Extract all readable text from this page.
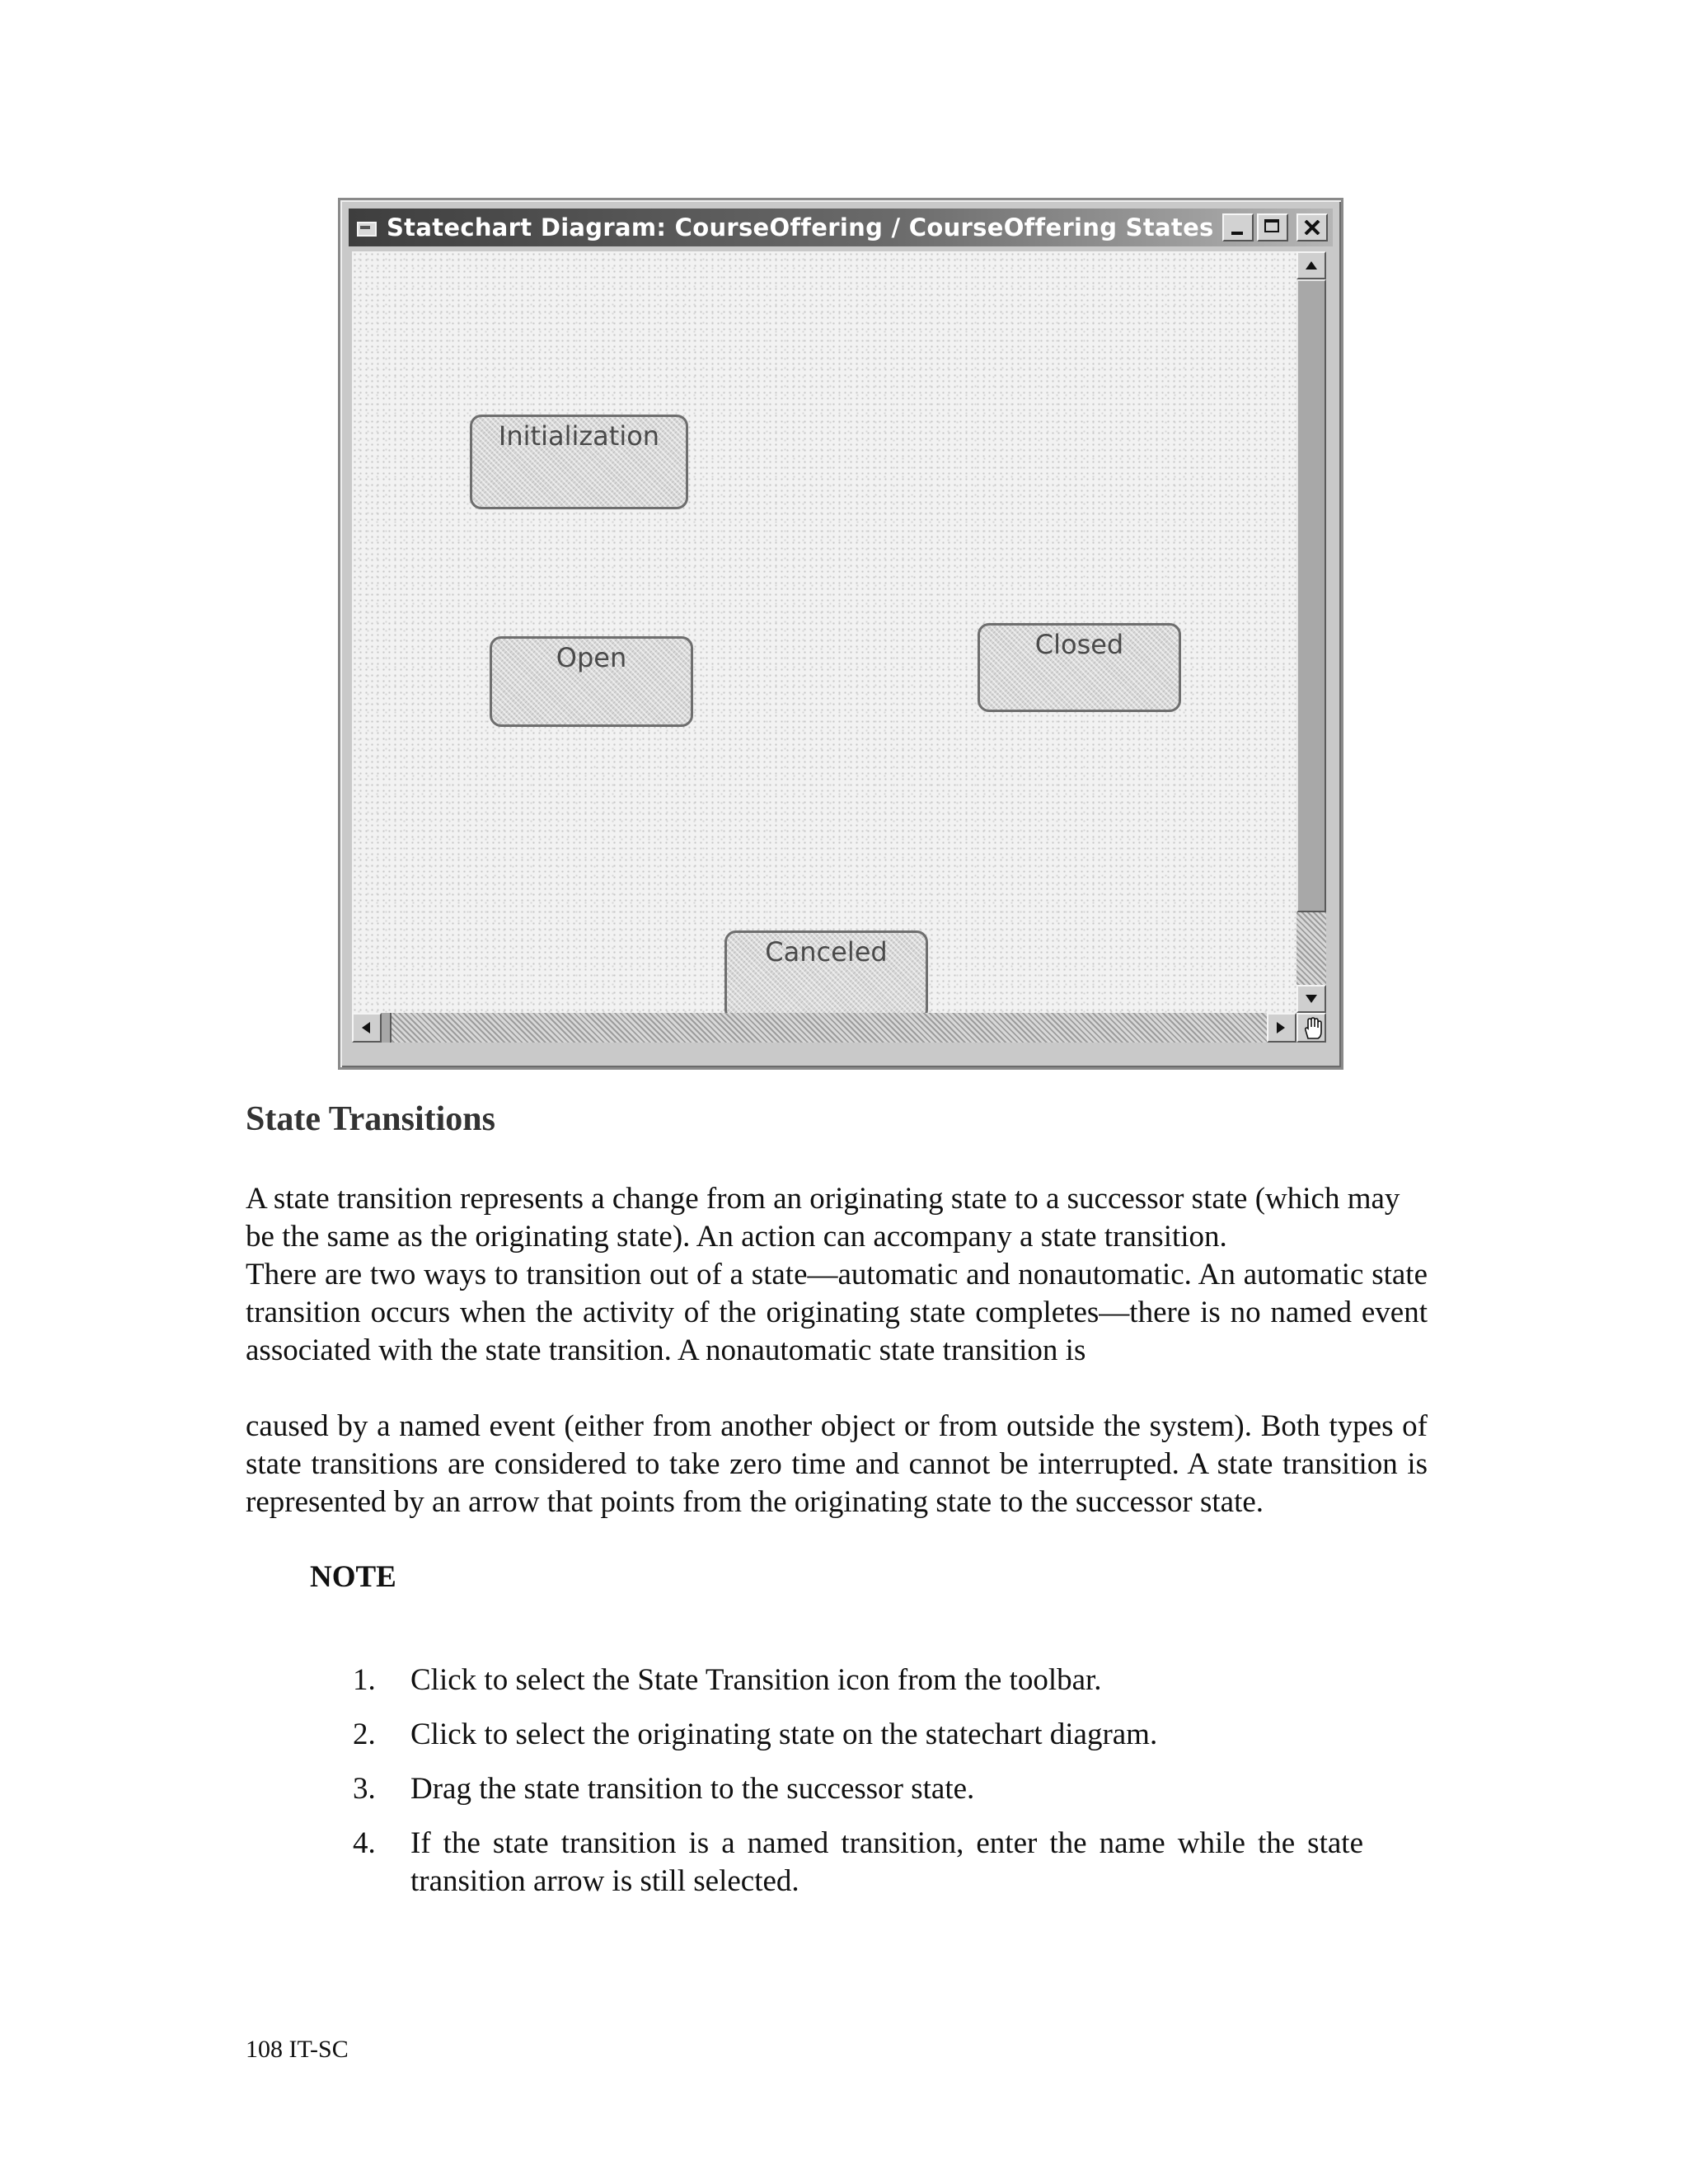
Statechart Diagram: CourseOffering / CourseOffering States
Initialization
Open	Closed
Canceled
State Transitions

A state transition represents a change from an originating state to a successor state (which may be the same as the originating state). An action can accompany a state transition.

There are two ways to transition out of a state—automatic and nonautomatic. An automatic state transition occurs when the activity of the originating state completes—there is no named event associated with the state transition. A nonautomatic state transition is

caused by a named event (either from another object or from outside the system). Both types of state transitions are considered to take zero time and cannot be interrupted. A state transition is represented by an arrow that points from the originating state to the successor state.

NOTE

1.	Click to select the State Transition icon from the toolbar.
2.	Click to select the originating state on the statechart diagram.
3.	Drag the state transition to the successor state.
4.	If the state transition is a named transition, enter the name while the state transition arrow is still selected.

108 IT-SC
